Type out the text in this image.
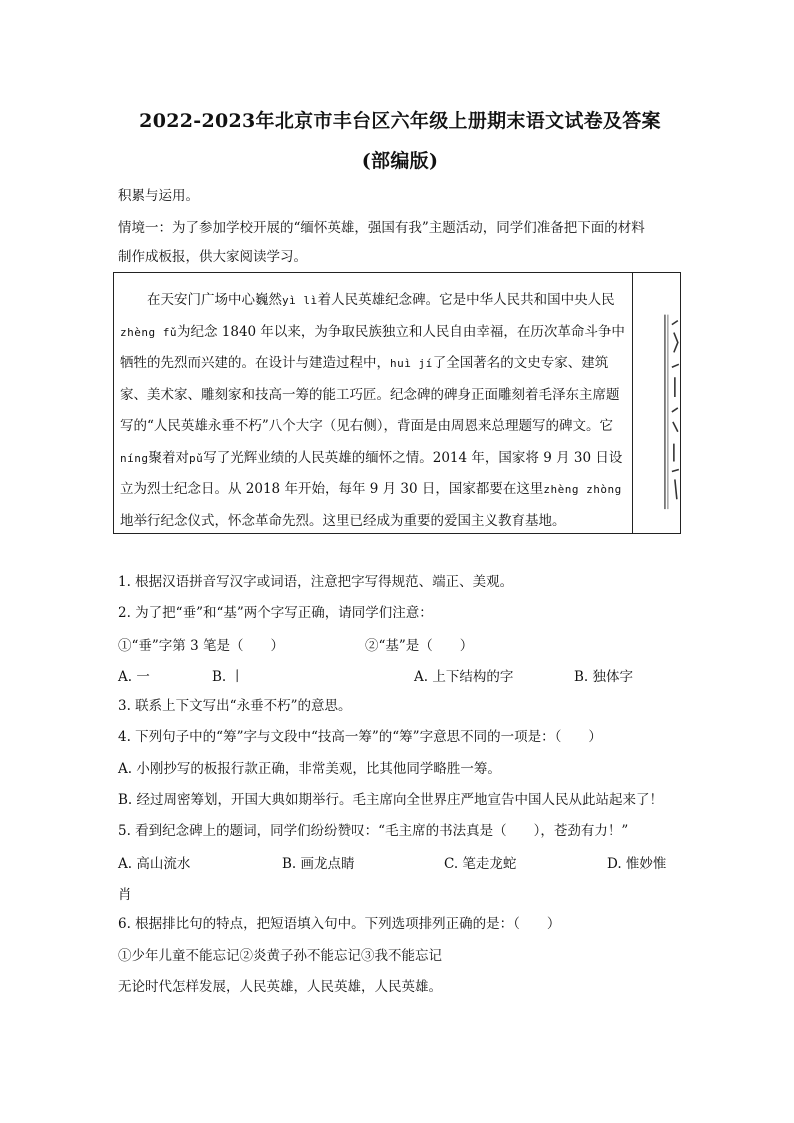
2022-2023年北京市丰台区六年级上册期末语文试卷及答案
(部编版)
积累与运用。
情境一：为了参加学校开展的“缅怀英雄，强国有我”主题活动，同学们准备把下面的材料
制作成板报，供大家阅读学习。

在天安门广场中心巍然yì lì着人民英雄纪念碑。它是中华人民共和国中央人民zhèng fǔ为纪念 1840 年以来，为争取民族独立和人民自由幸福，在历次革命斗争中牺牲的先烈而兴建的。在设计与建造过程中，huì jí了全国著名的文史专家、建筑家、美术家、雕刻家和技高一筹的能工巧匠。纪念碑的碑身正面雕刻着毛泽东主席题写的“人民英雄永垂不朽”八个大字（见右侧），背面是由周恩来总理题写的碑文。它níng聚着对pǔ写了光辉业绩的人民英雄的缅怀之情。2014 年，国家将 9 月 30 日设立为烈士纪念日。从 2018 年开始，每年 9 月 30 日，国家都要在这里zhèng zhòng地举行纪念仪式，怀念革命先烈。这里已经成为重要的爱国主义教育基地。

1. 根据汉语拼音写汉字或词语，注意把字写得规范、端正、美观。
2. 为了把“垂”和“基”两个字写正确，请同学们注意：
①“垂”字第 3 笔是（　　）	②“基”是（　　）
A. 一	B. 丨	A. 上下结构的字	B. 独体字
3. 联系上下文写出“永垂不朽”的意思。
4. 下列句子中的“筹”字与文段中“技高一筹”的“筹”字意思不同的一项是：（　　）
A. 小刚抄写的板报行款正确，非常美观，比其他同学略胜一筹。
B. 经过周密筹划，开国大典如期举行。毛主席向全世界庄严地宣告中国人民从此站起来了！
5. 看到纪念碑上的题词，同学们纷纷赞叹：“毛主席的书法真是（　　），苍劲有力！”
A. 高山流水	B. 画龙点睛	C. 笔走龙蛇	D. 惟妙惟
肖
6. 根据排比句的特点，把短语填入句中。下列选项排列正确的是：（　　）
①少年儿童不能忘记②炎黄子孙不能忘记③我不能忘记
无论时代怎样发展，人民英雄，人民英雄，人民英雄。
